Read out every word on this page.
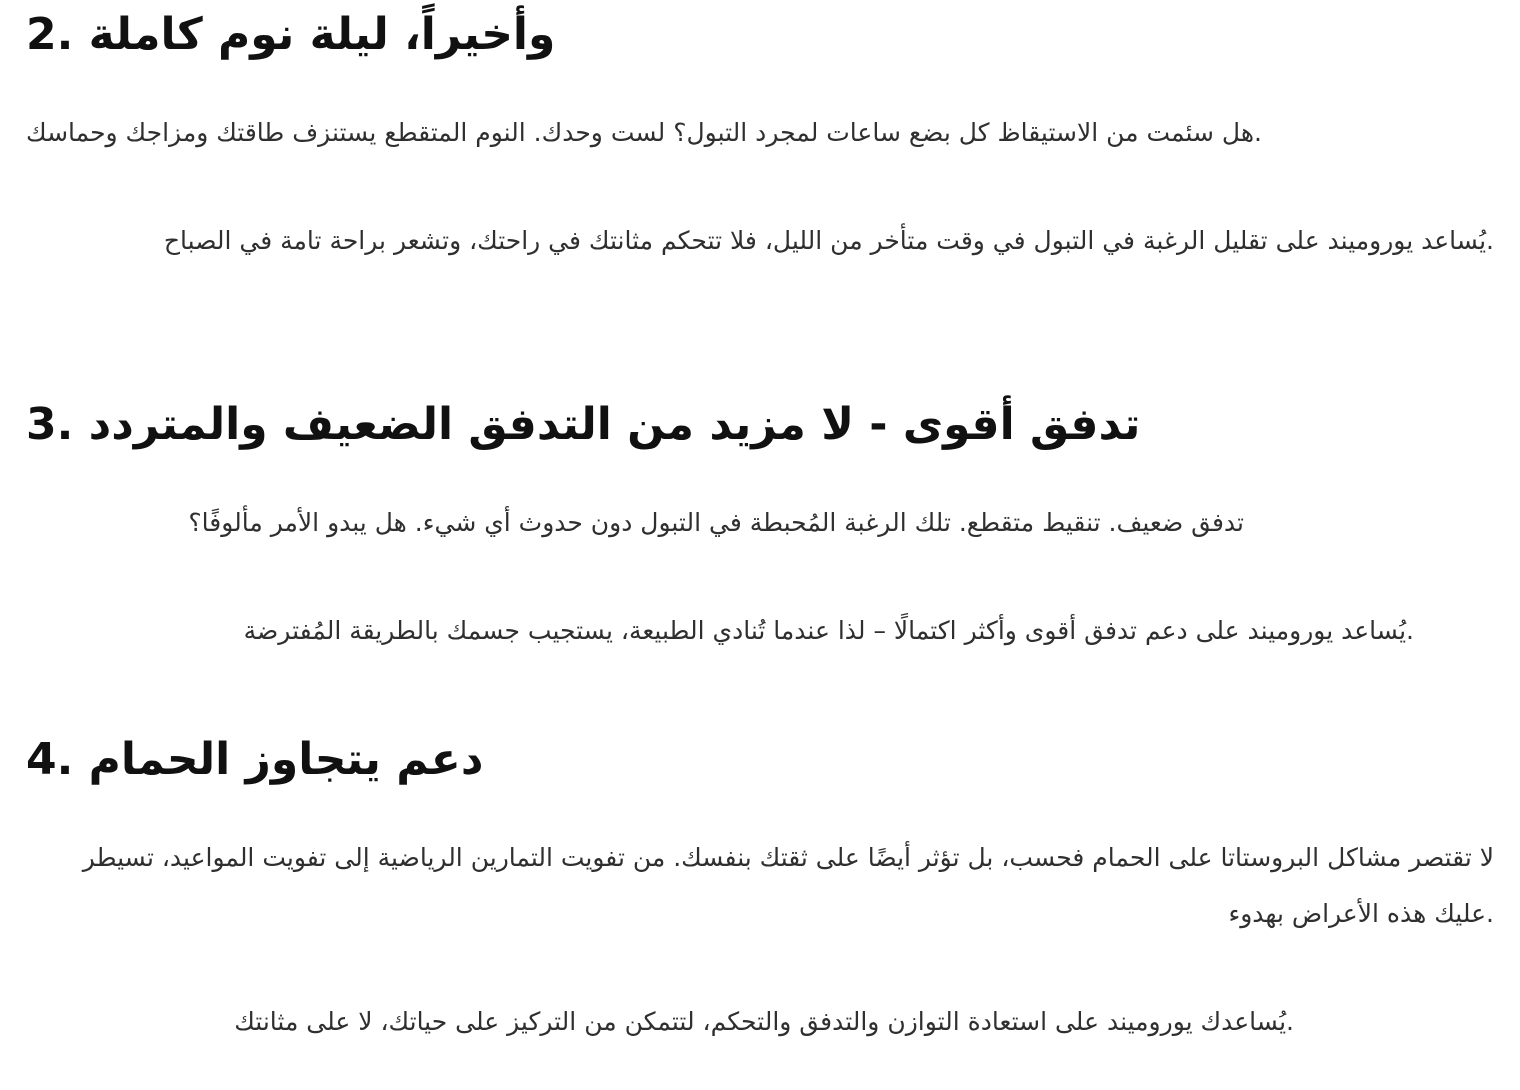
2. وأخيراً، ليلة نوم كاملة

هل سئمت من الاستيقاظ كل بضع ساعات لمجرد التبول؟ لست وحدك. النوم المتقطع يستنزف طاقتك ومزاجك وحماسك.

يُساعد يوروميند على تقليل الرغبة في التبول في وقت متأخر من الليل، فلا تتحكم مثانتك في راحتك، وتشعر براحة تامة في الصباح.

3. تدفق أقوى - لا مزيد من التدفق الضعيف والمتردد

تدفق ضعيف. تنقيط متقطع. تلك الرغبة المُحبطة في التبول دون حدوث أي شيء. هل يبدو الأمر مألوفًا؟

يُساعد يوروميند على دعم تدفق أقوى وأكثر اكتمالًا – لذا عندما تُنادي الطبيعة، يستجيب جسمك بالطريقة المُفترضة.

4. دعم يتجاوز الحمام

لا تقتصر مشاكل البروستاتا على الحمام فحسب، بل تؤثر أيضًا على ثقتك بنفسك. من تفويت التمارين الرياضية إلى تفويت المواعيد، تسيطر عليك هذه الأعراض بهدوء.

يُساعدك يوروميند على استعادة التوازن والتدفق والتحكم، لتتمكن من التركيز على حياتك، لا على مثانتك.
